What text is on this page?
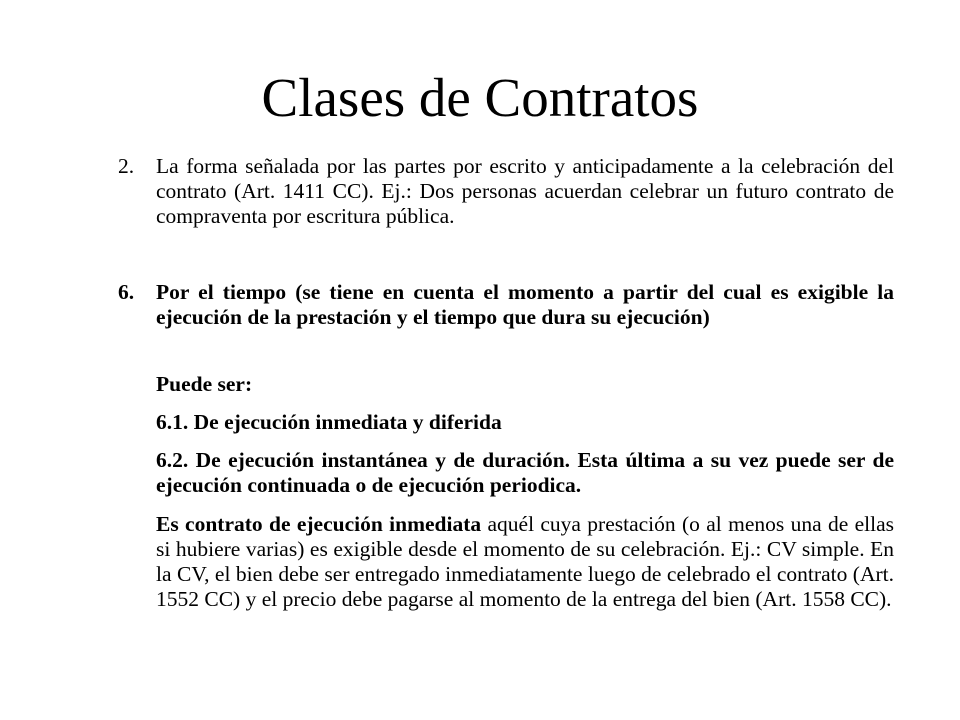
Clases de Contratos
2. La forma señalada por las partes por escrito y anticipadamente a la celebración del contrato (Art. 1411 CC). Ej.: Dos personas acuerdan celebrar un futuro contrato de compraventa por escritura pública.

6. Por el tiempo (se tiene en cuenta el momento a partir del cual es exigible la ejecución de la prestación y el tiempo que dura su ejecución)

Puede ser:

6.1. De ejecución inmediata y diferida

6.2. De ejecución instantánea y de duración. Esta última a su vez puede ser de ejecución continuada o de ejecución periodica.

Es contrato de ejecución inmediata aquél cuya prestación (o al menos una de ellas si hubiere varias) es exigible desde el momento de su celebración. Ej.: CV simple. En la CV, el bien debe ser entregado inmediatamente luego de celebrado el contrato (Art. 1552 CC) y el precio debe pagarse al momento de la entrega del bien (Art. 1558 CC).
